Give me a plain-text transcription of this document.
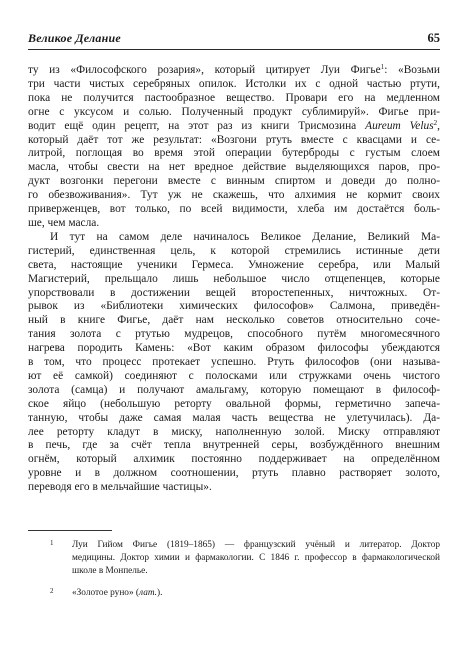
Великое Делание	65

ту из «Философского розария», который цитирует Луи Фигье$^1$: «Возьми
три части чистых серебряных опилок. Истолки их с одной частью ртути,
пока не получится пастообразное вещество. Провари его на медленном
огне с уксусом и солью. Полученный продукт сублимируй». Фигье при-
водит ещё один рецепт, на этот раз из книги Трисмозина Aureum Velus$^2$,
который даёт тот же результат: «Возгони ртуть вместе с квасцами и се-
литрой, поглощая во время этой операции бутерброды с густым слоем
масла, чтобы свести на нет вредное действие выделяющихся паров, про-
дукт возгонки перегони вместе с винным спиртом и доведи до полно-
го обезвоживания». Тут уж не скажешь, что алхимия не кормит своих
приверженцев, вот только, по всей видимости, хлеба им достаётся боль-
ше, чем масла.

И тут на самом деле начиналось Великое Делание, Великий Ма-
гистерий, единственная цель, к которой стремились истинные дети
света, настоящие ученики Гермеса. Умножение серебра, или Малый
Магистерий, прельщало лишь небольшое число отщепенцев, которые
упорствовали в достижении вещей второстепенных, ничтожных. От-
рывок из «Библиотеки химических философов» Салмона, приведён-
ный в книге Фигье, даёт нам несколько советов относительно соче-
тания золота с ртутью мудрецов, способного путём многомесячного
нагрева породить Камень: «Вот каким образом философы убеждаются
в том, что процесс протекает успешно. Ртуть философов (они называ-
ют её самкой) соединяют с полосками или стружками очень чистого
золота (самца) и получают амальгаму, которую помещают в философ-
ское яйцо (небольшую реторту овальной формы, герметично запеча-
танную, чтобы даже самая малая часть вещества не улетучилась). Да-
лее реторту кладут в миску, наполненную золой. Миску отправляют
в печь, где за счёт тепла внутренней серы, возбуждённого внешним
огнём, который алхимик постоянно поддерживает на определённом
уровне и в должном соотношении, ртуть плавно растворяет золото,
переводя его в мельчайшие частицы».

1 Луи Гийом Фигье (1819–1865) — французский учёный и литератор. Доктор
медицины. Доктор химии и фармакологии. С 1846 г. профессор в фармакологической
школе в Монпелье.
2 «Золотое руно» (лат.).
